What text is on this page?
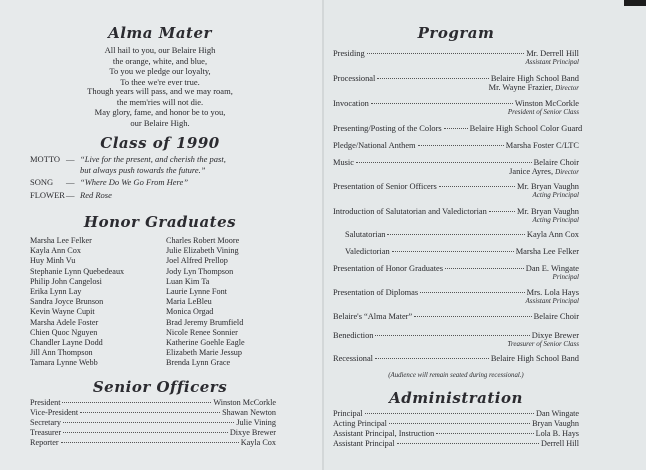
Alma Mater
All hail to you, our Belaire High
the orange, white, and blue,
To you we pledge our loyalty,
To thee we're ever true.
Though years will pass, and we may roam,
the mem'ries will not die.
May glory, fame, and honor be to you,
our Belaire High.
Class of 1990
MOTTO — “Live for the present, and cherish the past,
but always push towards the future.”
SONG — “Where Do We Go From Here”
FLOWER— Red Rose
Honor Graduates
Marsha Lee Felker
Kayla Ann Cox
Huy Minh Vu
Stephanie Lynn Quebedeaux
Philip John Cangelosi
Erika Lynn Lay
Sandra Joyce Brunson
Kevin Wayne Cupit
Marsha Adele Foster
Chien Quoc Nguyen
Chandler Layne Dodd
Jill Ann Thompson
Tamara Lynne Webb
Charles Robert Moore
Julie Elizabeth Vining
Joel Alfred Prellop
Jody Lyn Thompson
Luan Kim Ta
Laurie Lynne Font
Maria LeBleu
Monica Orgad
Brad Jeremy Brumfield
Nicole Renee Sonnier
Katherine Goehle Eagle
Elizabeth Marie Jessup
Brenda Lynn Grace
Senior Officers
President	Winston McCorkle
Vice-President	Shawan Newton
Secretary	Julie Vining
Treasurer	Dixye Brewer
Reporter	Kayla Cox
Program
Presiding	Mr. Derrell Hill
Assistant Principal
Processional	Belaire High School Band
Mr. Wayne Frazier, Director
Invocation	Winston McCorkle
President of Senior Class
Presenting/Posting of the Colors	Belaire High School Color Guard
Pledge/National Anthem	Marsha Foster C/LTC
Music	Belaire Choir
Janice Ayres, Director
Presentation of Senior Officers	Mr. Bryan Vaughn
Acting Principal
Introduction of Salutatorian and Valedictorian	Mr. Bryan Vaughn
Acting Principal
Salutatorian	Kayla Ann Cox
Valedictorian	Marsha Lee Felker
Presentation of Honor Graduates	Dan E. Wingate
Principal
Presentation of Diplomas	Mrs. Lola Hays
Assistant Principal
Belaire's “Alma Mater”	Belaire Choir
Benediction	Dixye Brewer
Treasurer of Senior Class
Recessional	Belaire High School Band
(Audience will remain seated during recessional.)
Administration
Principal	Dan Wingate
Acting Principal	Bryan Vaughn
Assistant Principal, Instruction	Lola B. Hays
Assistant Principal	Derrell Hill
